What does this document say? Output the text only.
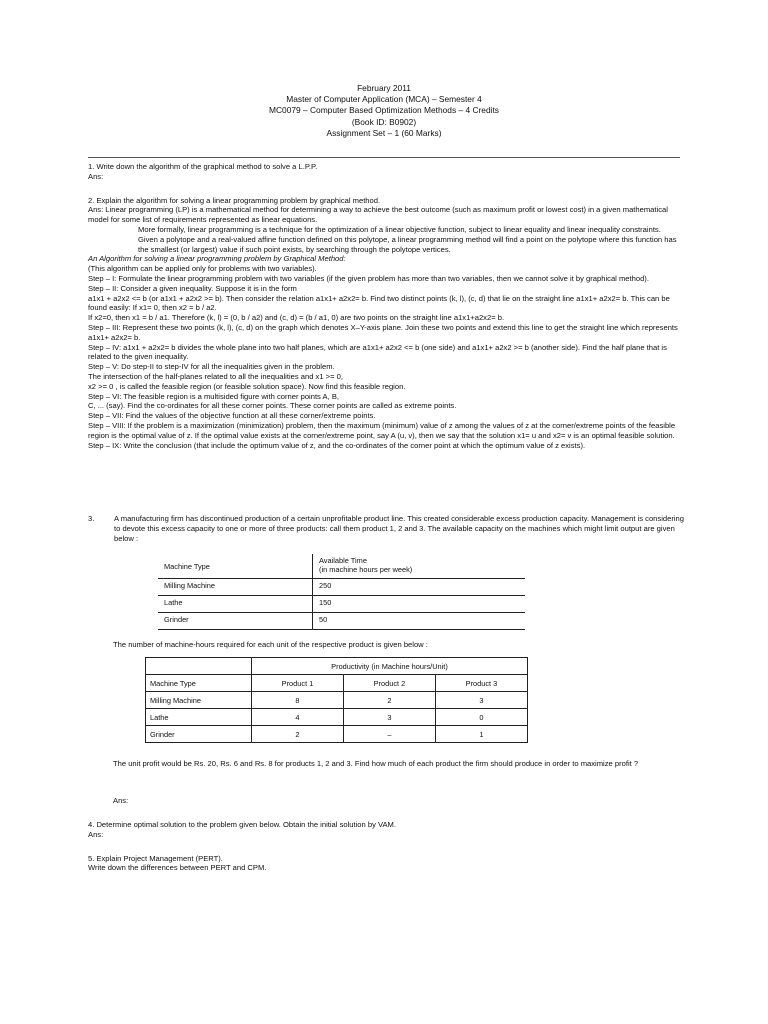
February 2011
Master of Computer Application (MCA) – Semester 4
MC0079 – Computer Based Optimization Methods – 4 Credits
(Book ID: B0902)
Assignment Set – 1 (60 Marks)

1. Write down the algorithm of the graphical method to solve a L.P.P.

Ans:

2. Explain the algorithm for solving a linear programming problem by graphical method.

Ans: Linear programming (LP) is a mathematical method for determining a way to achieve the best outcome (such as maximum profit or lowest cost) in a given mathematical model for some list of requirements represented as linear equations.

More formally, linear programming is a technique for the optimization of a linear objective function, subject to linear equality and linear inequality constraints. Given a polytope and a real-valued affine function defined on this polytope, a linear programming method will find a point on the polytope where this function has the smallest (or largest) value if such point exists, by searching through the polytope vertices.

An Algorithm for solving a linear programming problem by Graphical Method:

(This algorithm can be applied only for problems with two variables).

Step – I: Formulate the linear programming problem with two variables (if the given problem has more than two variables, then we cannot solve it by graphical method).

Step – II: Consider a given inequality. Suppose it is in the form

a1x1 + a2x2 <= b (or a1x1 + a2x2 >= b). Then consider the relation a1x1+ a2x2= b. Find two distinct points (k, l), (c, d) that lie on the straight line a1x1+ a2x2= b. This can be found easily: If x1= 0, then x2 = b / a2.

If x2=0, then x1 = b / a1. Therefore (k, l) = (0, b / a2) and (c, d) = (b / a1, 0) are two points on the straight line a1x1+a2x2= b.

Step – III: Represent these two points (k, l), (c, d) on the graph which denotes X–Y-axis plane. Join these two points and extend this line to get the straight line which represents a1x1+ a2x2= b.

Step – IV: a1x1 + a2x2= b divides the whole plane into two half planes, which are a1x1+ a2x2 <= b (one side) and a1x1+ a2x2 >= b (another side). Find the half plane that is related to the given inequality.

Step – V: Do step-II to step-IV for all the inequalities given in the problem.

The intersection of the half-planes related to all the inequalities and x1 >= 0,

x2 >= 0 , is called the feasible region (or feasible solution space). Now find this feasible region.

Step – VI: The feasible region is a multisided figure with corner points A, B,

C, ... (say). Find the co-ordinates for all these corner points. These corner points are called as extreme points.

Step – VII: Find the values of the objective function at all these corner/extreme points.

Step – VIII: If the problem is a maximization (minimization) problem, then the maximum (minimum) value of z among the values of z at the corner/extreme points of the feasible region is the optimal value of z. If the optimal value exists at the corner/extreme point, say A (u, v), then we say that the solution x1= u and x2= v is an optimal feasible solution.

Step – IX: Write the conclusion (that include the optimum value of z, and the co-ordinates of the corner point at which the optimum value of z exists).

3.	A manufacturing firm has discontinued production of a certain unprofitable product line. This created considerable excess production capacity. Management is considering to devote this excess capacity to one or more of three products: call them product 1, 2 and 3. The available capacity on the machines which might limit output are given below :
Machine Type	Available Time
(in machine hours per week)

Milling Machine	250
Lathe	150
Grinder	50
The number of machine-hours required for each unit of the respective product is given below :
	Productivity (in Machine hours/Unit)		
Machine Type	Product 1	Product 2	Product 3
Milling Machine	8	2	3
Lathe	4	3	0
Grinder	2	–	1
The unit profit would be Rs. 20, Rs. 6 and Rs. 8 for products 1, 2 and 3. Find how much of each product the firm should produce in order to maximize profit ?
Ans:

4. Determine optimal solution to the problem given below. Obtain the initial solution by VAM.

Ans:

5. Explain Project Management (PERT).

Write down the differences between PERT and CPM.
